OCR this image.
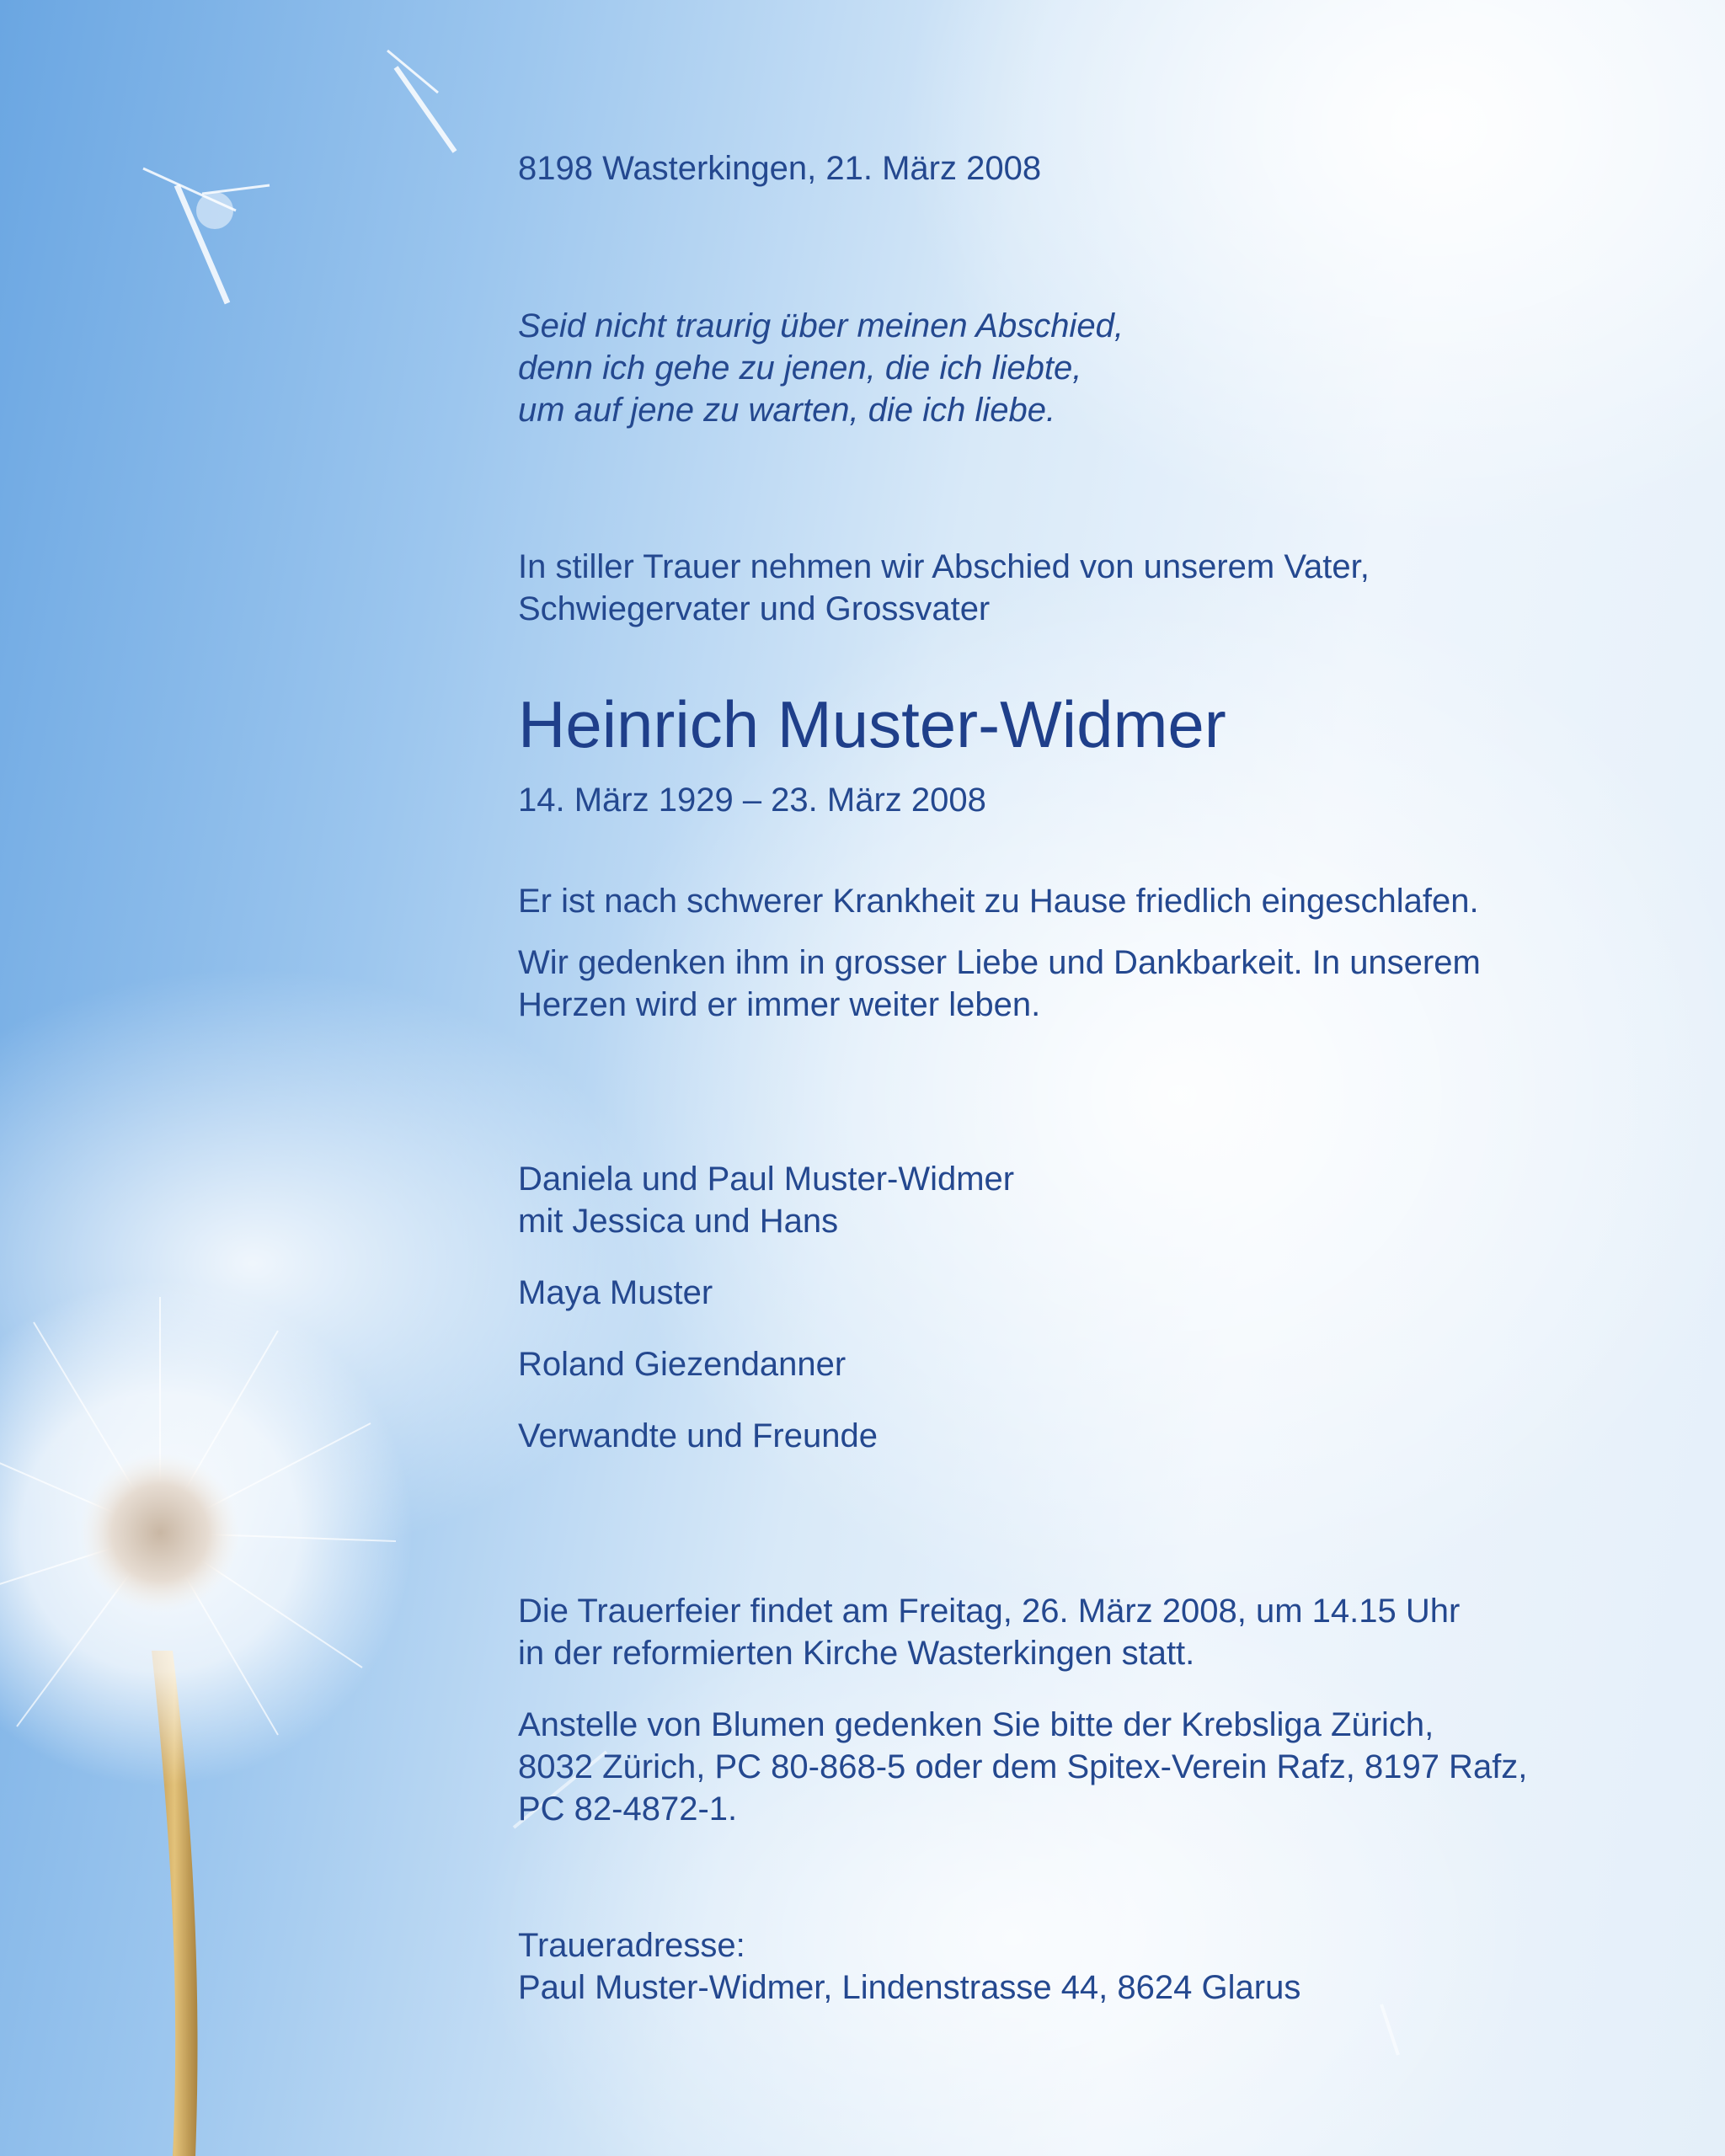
8198 Wasterkingen, 21. März 2008

Seid nicht traurig über meinen Abschied,
denn ich gehe zu jenen, die ich liebte,
um auf jene zu warten, die ich liebe.

In stiller Trauer nehmen wir Abschied von unserem Vater,
Schwiegervater und Grossvater

Heinrich Muster-Widmer

14. März 1929 – 23. März 2008

Er ist nach schwerer Krankheit zu Hause friedlich eingeschlafen.

Wir gedenken ihm in grosser Liebe und Dankbarkeit. In unserem
Herzen wird er immer weiter leben.

Daniela und Paul Muster-Widmer
mit Jessica und Hans

Maya Muster

Roland Giezendanner

Verwandte und Freunde

Die Trauerfeier findet am Freitag, 26. März 2008, um 14.15 Uhr
in der reformierten Kirche Wasterkingen statt.

Anstelle von Blumen gedenken Sie bitte der Krebsliga Zürich,
8032 Zürich, PC 80-868-5 oder dem Spitex-Verein Rafz, 8197 Rafz,
PC 82-4872-1.

Traueradresse:
Paul Muster-Widmer, Lindenstrasse 44, 8624 Glarus
